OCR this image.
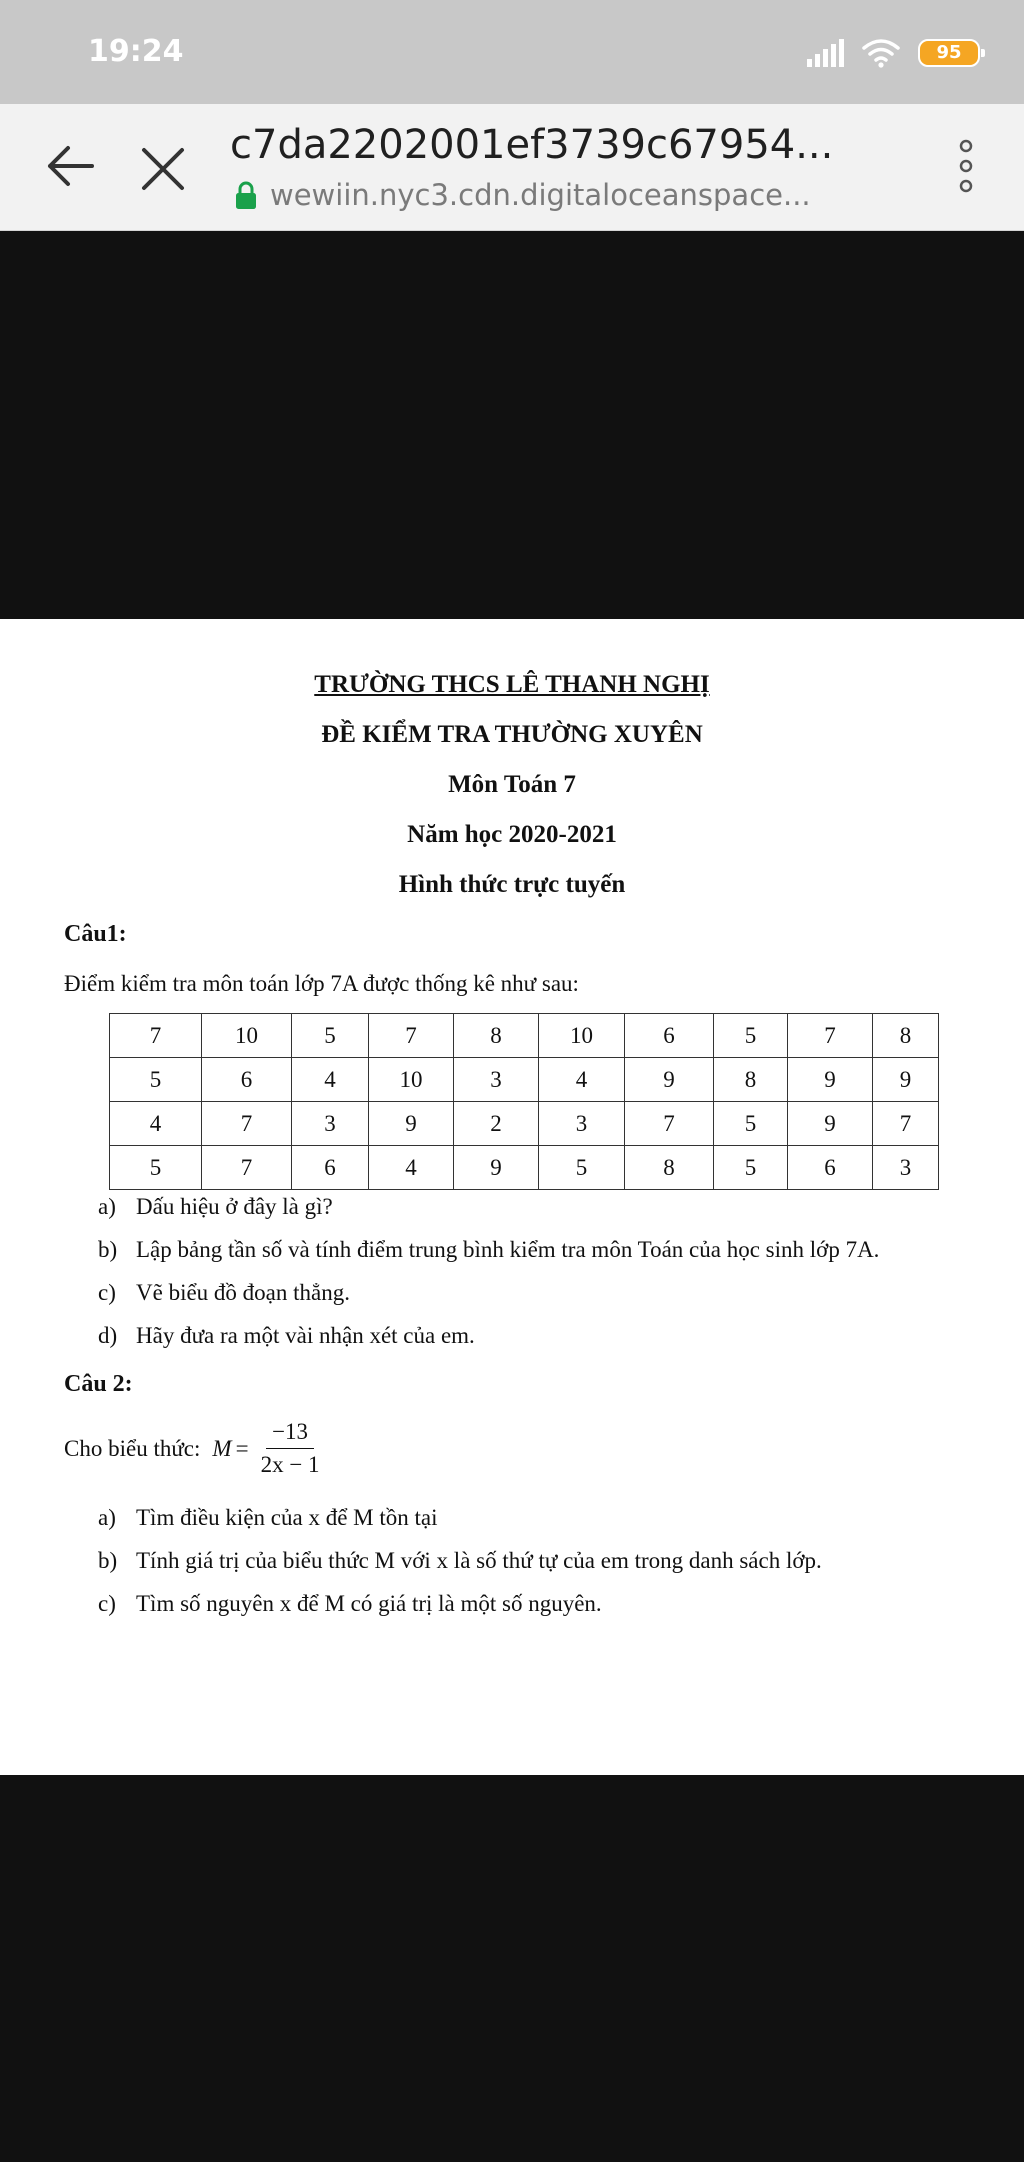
19:24	95
c7da2202001ef3739c67954...
wewiin.nyc3.cdn.digitaloceanspace...
TRƯỜNG THCS LÊ THANH NGHỊ
ĐỀ KIỂM TRA THƯỜNG XUYÊN
Môn Toán 7
Năm học 2020-2021
Hình thức trực tuyến
Câu1:
Điểm kiểm tra môn toán lớp 7A được thống kê như sau:
7	10	5	7	8	10	6	5	7	8
5	6	4	10	3	4	9	8	9	9
4	7	3	9	2	3	7	5	9	7
5	7	6	4	9	5	8	5	6	3
a) Dấu hiệu ở đây là gì?
b) Lập bảng tần số và tính điểm trung bình kiểm tra môn Toán của học sinh lớp 7A.
c) Vẽ biểu đồ đoạn thẳng.
d) Hãy đưa ra một vài nhận xét của em.
Câu 2:
Cho biểu thức: $M = \frac{-13}{2x - 1}$
a) Tìm điều kiện của x để M tồn tại
b) Tính giá trị của biểu thức M với x là số thứ tự của em trong danh sách lớp.
c) Tìm số nguyên x để M có giá trị là một số nguyên.
